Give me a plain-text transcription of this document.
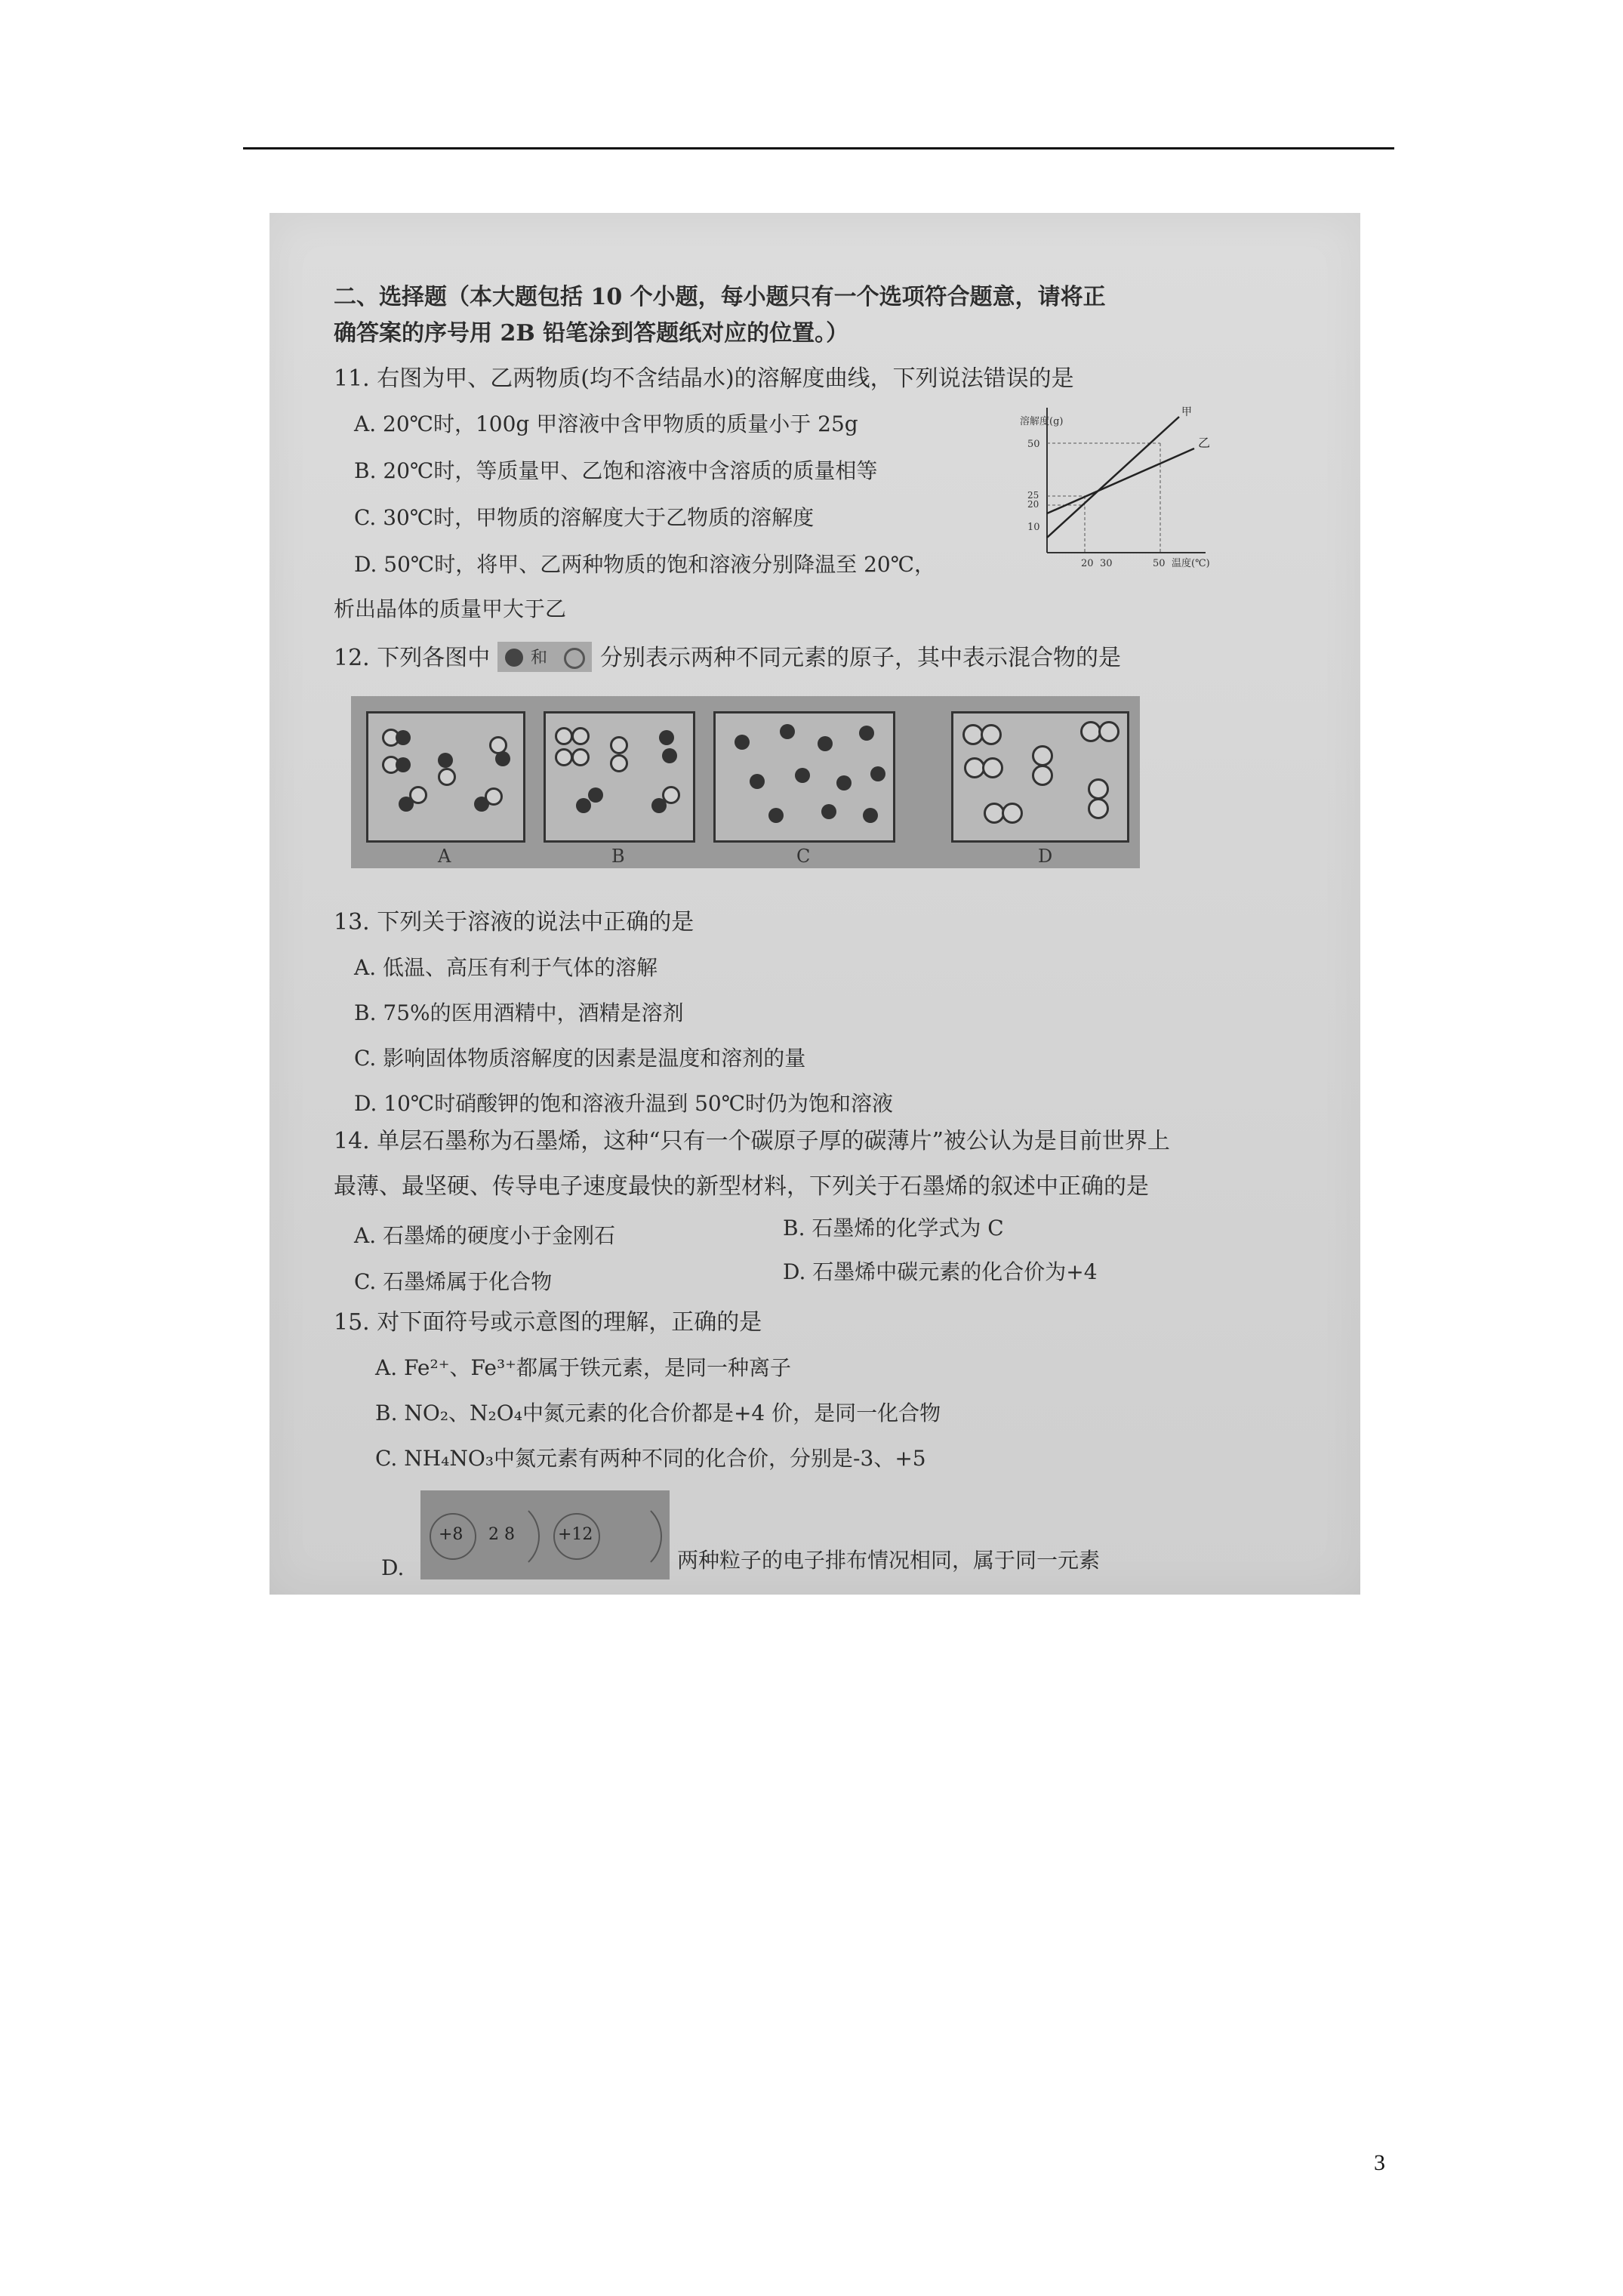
二、选择题（本大题包括 10 个小题，每小题只有一个选项符合题意，请将正
确答案的序号用 2B 铅笔涂到答题纸对应的位置。）
11. 右图为甲、乙两物质(均不含结晶水)的溶解度曲线，下列说法错误的是
A. 20℃时，100g 甲溶液中含甲物质的质量小于 25g
B. 20℃时，等质量甲、乙饱和溶液中含溶质的质量相等
C. 30℃时，甲物质的溶解度大于乙物质的溶解度
D. 50℃时，将甲、乙两种物质的饱和溶液分别降温至 20℃，
析出晶体的质量甲大于乙
溶解度(g)
50
25
20
10
20 30	50 温度(℃)
甲
乙
12. 下列各图中 和 分别表示两种不同元素的原子，其中表示混合物的是
A	B	C	D
13. 下列关于溶液的说法中正确的是
A. 低温、高压有利于气体的溶解
B. 75%的医用酒精中，酒精是溶剂
C. 影响固体物质溶解度的因素是温度和溶剂的量
D. 10℃时硝酸钾的饱和溶液升温到 50℃时仍为饱和溶液
14. 单层石墨称为石墨烯，这种“只有一个碳原子厚的碳薄片”被公认为是目前世界上
最薄、最坚硬、传导电子速度最快的新型材料，下列关于石墨烯的叙述中正确的是
A. 石墨烯的硬度小于金刚石	B. 石墨烯的化学式为 C
C. 石墨烯属于化合物	D. 石墨烯中碳元素的化合价为+4
15. 对下面符号或示意图的理解，正确的是
A. Fe²⁺、Fe³⁺都属于铁元素，是同一种离子
B. NO₂、N₂O₄中氮元素的化合价都是+4 价，是同一化合物
C. NH₄NO₃中氮元素有两种不同的化合价，分别是-3、+5
D.
+8 2 8	+12
两种粒子的电子排布情况相同，属于同一元素
3
